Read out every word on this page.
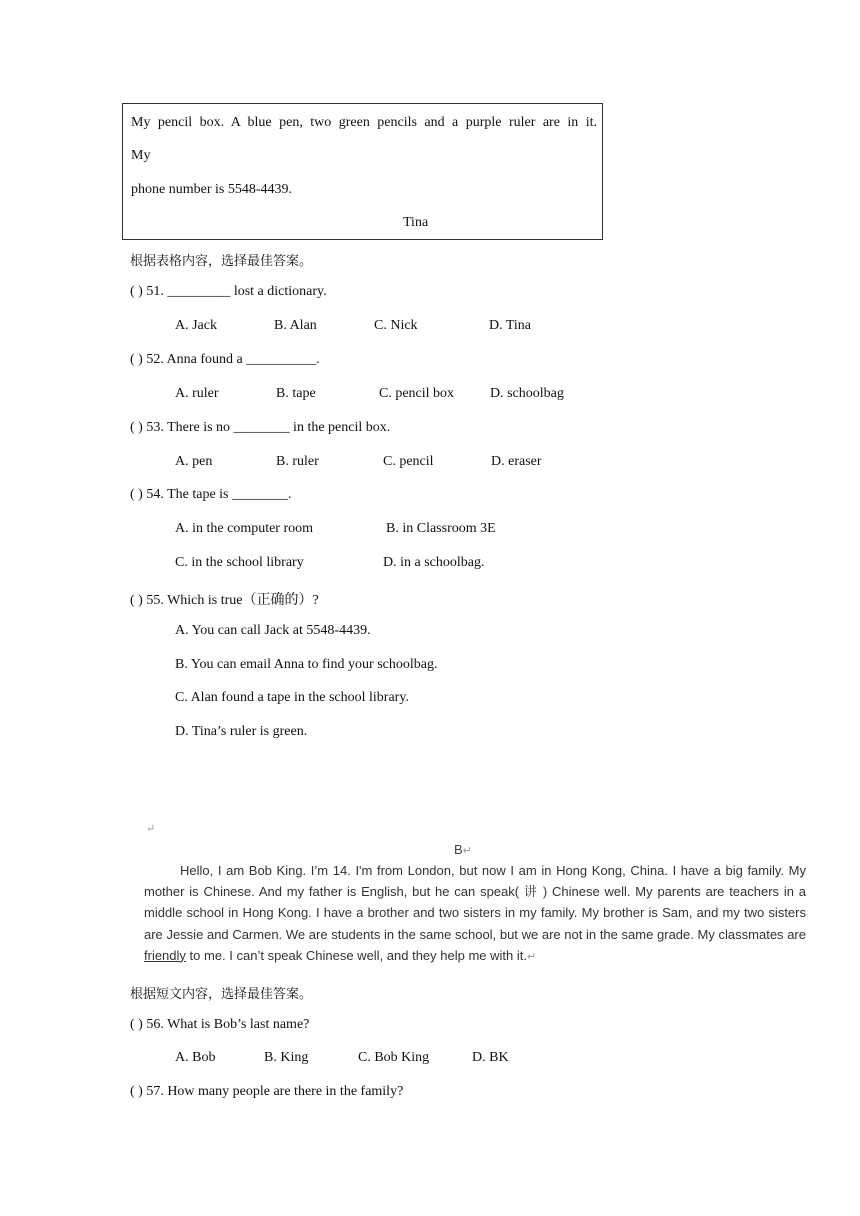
My pencil box. A blue pen, two green pencils and a purple ruler are in it.
My
phone number is 5548-4439.
Tina
根据表格内容，选择最佳答案。
( ) 51. _________ lost a dictionary.
A. Jack	B. Alan	C. Nick	D. Tina
( ) 52. Anna found a __________.
A. ruler	B. tape	C. pencil box	D. schoolbag
( ) 53. There is no ________ in the pencil box.
A. pen	B. ruler	C. pencil	D. eraser
( ) 54. The tape is ________.
A. in the computer room	B. in Classroom 3E
C. in the school library	D. in a schoolbag.
( ) 55. Which is true（正确的）?
A. You can call Jack at 5548-4439.
B. You can email Anna to find your schoolbag.
C. Alan found a tape in the school library.
D. Tina’s ruler is green.
↵
B↵
Hello, I am Bob King. I’m 14. I'm from London, but now I am in Hong Kong, China. I have a big family. My mother is Chinese. And my father is English, but he can speak( 讲 ) Chinese well. My parents are teachers in a middle school in Hong Kong. I have a brother and two sisters in my family. My brother is Sam, and my two sisters are Jessie and Carmen. We are students in the same school, but we are not in the same grade. My classmates are friendly to me. I can’t speak Chinese well, and they help me with it.↵
根据短文内容，选择最佳答案。
( ) 56. What is Bob’s last name?
A. Bob	B. King	C. Bob King	D. BK
( ) 57. How many people are there in the family?
